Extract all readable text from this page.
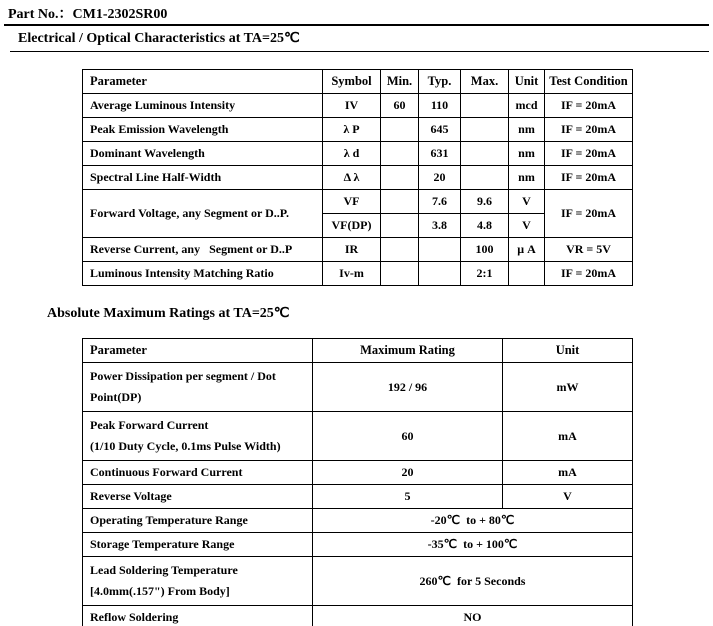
Part No.：CM1-2302SR00
Electrical / Optical Characteristics at TA=25℃
Parameter	Symbol	Min.	Typ.	Max.	Unit	Test Condition
Average Luminous Intensity	IV	60	110		mcd	IF = 20mA
Peak Emission Wavelength	λ P		645		nm	IF = 20mA
Dominant Wavelength	λ d		631		nm	IF = 20mA
Spectral Line Half-Width	Δ λ		20		nm	IF = 20mA
Forward Voltage, any Segment or D..P.	VF		7.6	9.6	V	IF = 20mA
	VF(DP)		3.8	4.8	V	
Reverse Current, any   Segment or D..P	IR			100	μ A	VR = 5V
Luminous Intensity Matching Ratio	Iv-m			2:1		IF = 20mA
Absolute Maximum Ratings at TA=25℃
Parameter	Maximum Rating	Unit

Power Dissipation per segment / Dot
Point(DP)	192 / 96	mW

Peak Forward Current
(1/10 Duty Cycle, 0.1ms Pulse Width)	60	mA
Continuous Forward Current	20	mA
Reverse Voltage	5	V
Operating Temperature Range	-20℃  to + 80℃	
Storage Temperature Range	-35℃  to + 100℃	

Lead Soldering Temperature
[4.0mm(.157") From Body]	260℃  for 5 Seconds	
Reflow Soldering	NO	
